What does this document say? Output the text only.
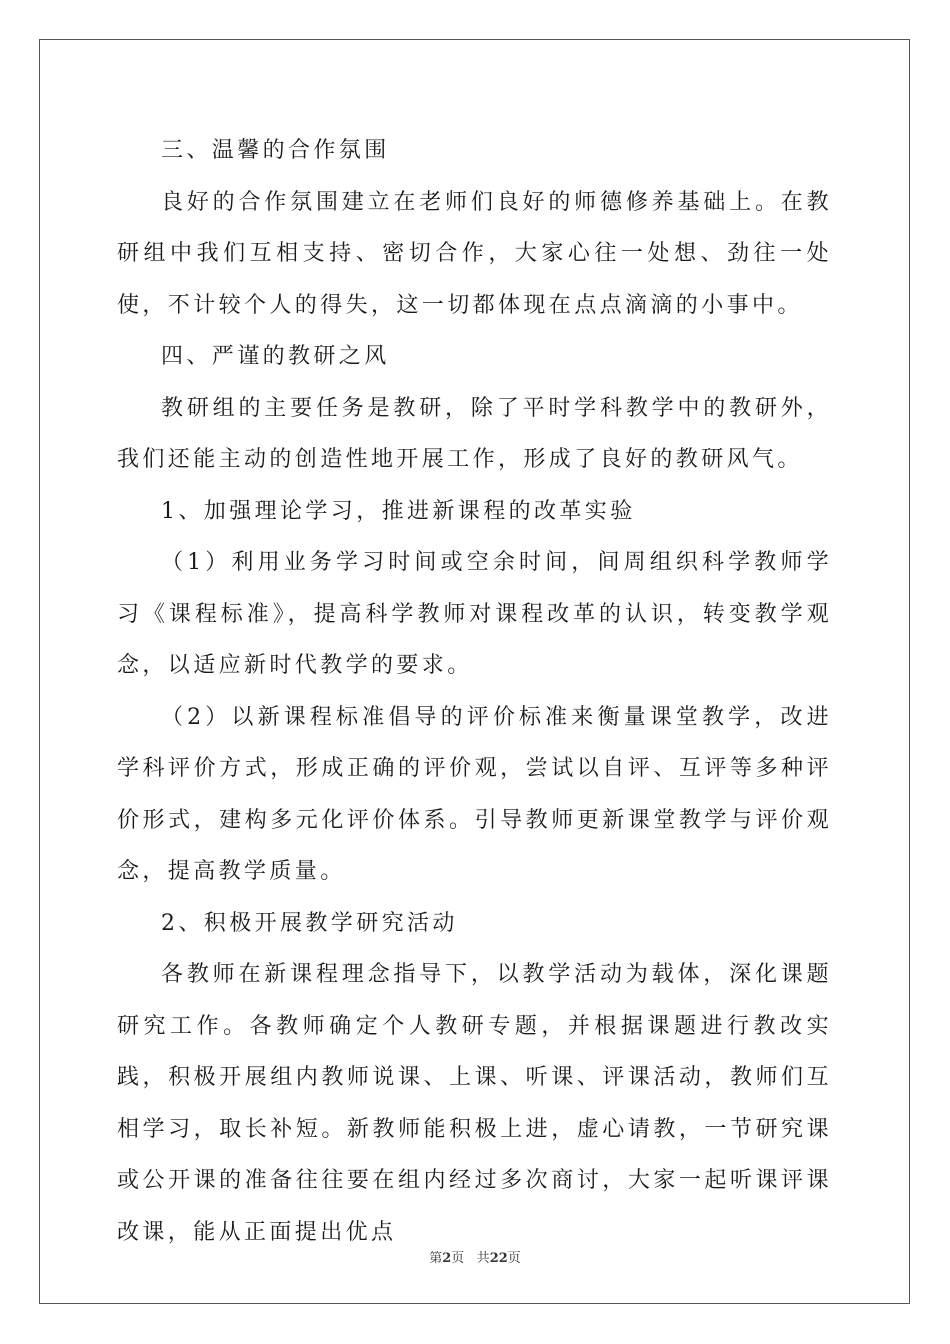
三、温馨的合作氛围

良好的合作氛围建立在老师们良好的师德修养基础上。在教研组中我们互相支持、密切合作，大家心往一处想、劲往一处使，不计较个人的得失，这一切都体现在点点滴滴的小事中。

四、严谨的教研之风

教研组的主要任务是教研，除了平时学科教学中的教研外，我们还能主动的创造性地开展工作，形成了良好的教研风气。

1、加强理论学习，推进新课程的改革实验

（1）利用业务学习时间或空余时间，间周组织科学教师学习《课程标准》，提高科学教师对课程改革的认识，转变教学观念，以适应新时代教学的要求。

（2）以新课程标准倡导的评价标准来衡量课堂教学，改进学科评价方式，形成正确的评价观，尝试以自评、互评等多种评价形式，建构多元化评价体系。引导教师更新课堂教学与评价观念，提高教学质量。

2、积极开展教学研究活动

各教师在新课程理念指导下，以教学活动为载体，深化课题研究工作。各教师确定个人教研专题，并根据课题进行教改实践，积极开展组内教师说课、上课、听课、评课活动，教师们互相学习，取长补短。新教师能积极上进，虚心请教，一节研究课或公开课的准备往往要在组内经过多次商讨，大家一起听课评课改课，能从正面提出优点

第2页 共22页
